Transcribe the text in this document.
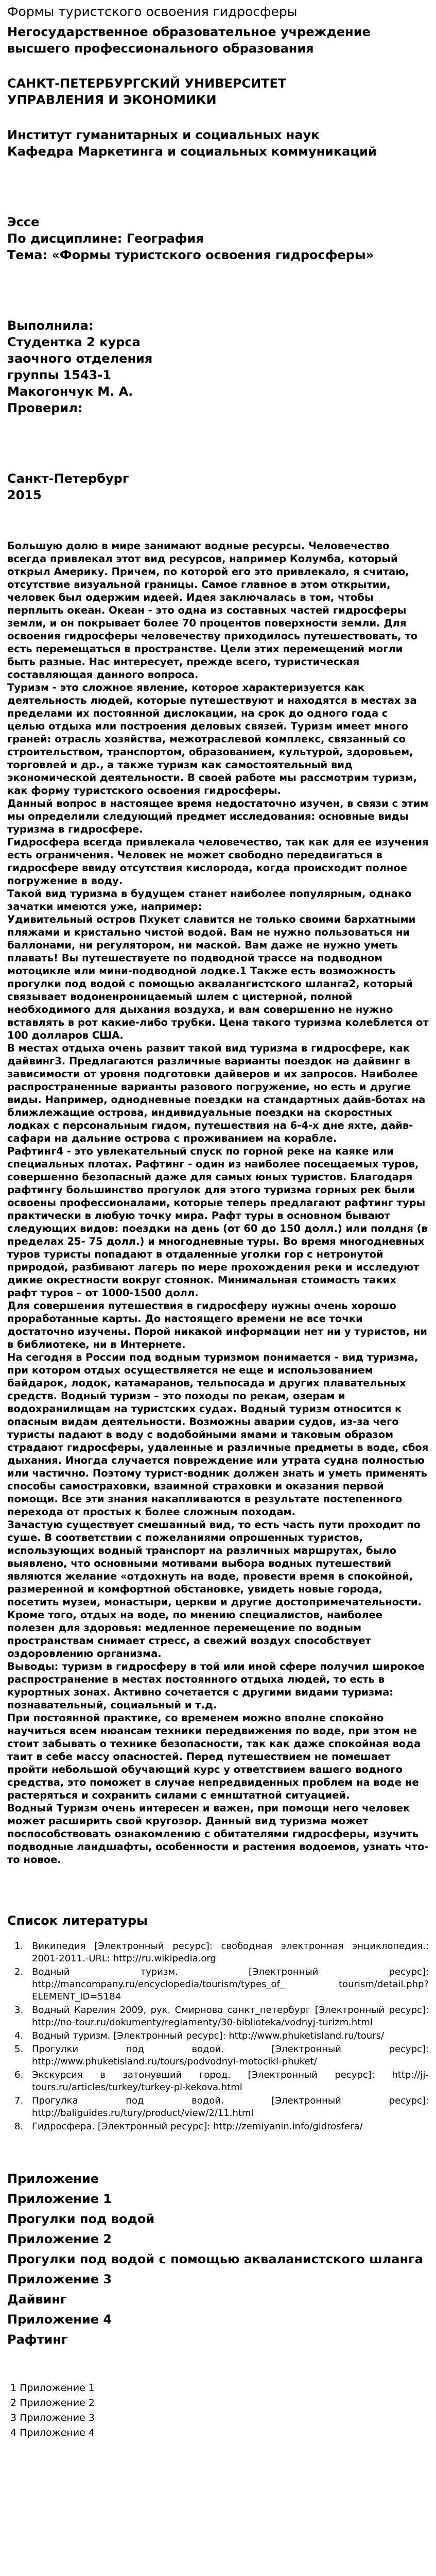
Формы туристского освоения гидросферы
Негосударственное образовательное учреждение
высшего профессионального образования
САНКТ-ПЕТЕРБУРГСКИЙ УНИВЕРСИТЕТ
УПРАВЛЕНИЯ И ЭКОНОМИКИ
Институт гуманитарных и социальных наук
Кафедра Маркетинга и социальных коммуникаций
Эссе
По дисциплине: География
Тема: «Формы туристского освоения гидросферы»
Выполнила:
Студентка 2 курса
заочного отделения
группы 1543-1
Макогончук М. А.
Проверил:
Санкт-Петербург
2015

Большую долю в мире занимают водные ресурсы. Человечество всегда привлекал этот вид ресурсов, например Колумба, который открыл Америку. Причем, по которой его это привлекало, я считаю, отсутствие визуальной границы. Самое главное в этом открытии, человек был одержим идеей. Идея заключалась в том, чтобы перплыть океан. Океан - это одна из составных частей гидросферы земли, и он покрывает более 70 процентов поверхности земли. Для освоения гидросферы человечеству приходилось путешествовать, то есть перемещаться в пространстве. Цели этих перемещений могли быть разные. Нас интересует, прежде всего, туристическая составляющая данного вопроса.

Туризм - это сложное явление, которое характеризуется как деятельность людей, которые путешествуют и находятся в местах за пределами их постоянной дислокации, на срок до одного года с целью отдыха или построения деловых связей. Туризм имеет много граней: отрасль хозяйства, межотраслевой комплекс, связанный со строительством, транспортом, образованием, культурой, здоровьем, торговлей и др., а также туризм как самостоятельный вид экономической деятельности. В своей работе мы рассмотрим туризм, как форму туристского освоения гидросферы.

Данный вопрос в настоящее время недостаточно изучен, в связи с этим мы определили следующий предмет исследования: основные виды туризма в гидросфере.

Гидросфера всегда привлекала человечество, так как для ее изучения есть ограничения. Человек не может свободно передвигаться в гидросфере ввиду отсутствия кислорода, когда происходит полное погружение в воду.

Такой вид туризма в будущем станет наиболее популярным, однако зачатки имеются уже, например:

Удивительный остров Пхукет славится не только своими бархатными пляжами и кристально чистой водой. Вам не нужно пользоваться ни баллонами, ни регулятором, ни маской. Вам даже не нужно уметь плавать! Вы путешествуете по подводной трассе на подводном мотоцикле или мини-подводной лодке.1 Также есть возможность прогулки под водой с помощью аквалангистского шлангa2, который связывает водоненроницаемый шлем с цистерной, полной необходимого для дыхания воздуха, и вам совершенно не нужно вставлять в рот какие-либо трубки. Цена такого туризма колеблется от 100 долларов США.

В местах отдыха очень развит такой вид туризма в гидросфере, как дайвинг3. Предлагаются различные варианты поездок на дайвинг в зависимости от уровня подготовки дайверов и их запросов. Наиболее распространенные варианты разового погружение, но есть и другие виды. Например, однодневные поездки на стандартных дайв-ботах на ближлежащие острова, индивидуальные поездки на скоростных лодках с персональным гидом, путешествия на 6-4-x дне яхте, дайв-сафари на дальние острова с проживанием на корабле.

Рафтинг4 - это увлекательный спуск по горной реке на каяке или специальных плотах. Рафтинг - один из наиболее посещаемых туров, совершенно безопасный даже для самых юных туристов. Благодаря рафтингу большинство прогулок для этого туризма горных рек были освоены профессионалами, которые теперь предлагают рафтинг туры практически в любую точку мира. Рафт туры в основном бывают следующих видов: поездки на день (от 60 до 150 долл.) или полдня (в пределах 25- 75 долл.) и многодневные туры. Во время многодневных туров туристы попадают в отдаленные уголки гор с нетронутой природой, разбивают лагерь по мере прохождения реки и исследуют дикие окрестности вокруг стоянок. Минимальная стоимость таких рафт туров – от 1000-1500 долл.

Для совершения путешествия в гидросферу нужны очень хорошо проработанные карты. До настоящего времени не все точки достаточно изучены. Порой никакой информации нет ни у туристов, ни в библиотеке, ни в Интернете.

На сегодня в России под водным туризмом понимается - вид туризма, при котором отдых осуществляется не еще и использованием байдарок, лодок, катамаранов, тельпосада и других плавательных средств. Водный туризм – это походы по рекам, озерам и водохранилищам на туристских судах. Водный туризм относится к опасным видам деятельности. Возможны аварии судов, из-за чего туристы падают в воду с водобойными ямами и таковым образом страдают гидросферы, удаленные и различные предметы в воде, сбоя дыхания. Иногда случается повреждение или утрата судна полностью или частично. Поэтому турист-водник должен знать и уметь применять способы самостраховки, взаимной страховки и оказания первой помощи. Все эти знания накапливаются в результате постепенного перехода от простых к более сложным походам.

Зачастую существует смешанный вид, то есть часть пути проходит по суше. В соответствии с пожеланиями опрошенных туристов, использующих водный транспорт на различных маршрутах, было выявлено, что основными мотивами выбора водных путешествий являются желание «отдохнуть на воде, провести время в спокойной, размеренной и комфортной обстановке, увидеть новые города, посетить музеи, монастыри, церкви и другие достопримечательности. Кроме того, отдых на воде, по мнению специалистов, наиболее полезен для здоровья: медленное перемещение по водным пространствам снимает стресс, а свежий воздух способствует оздоровлению организма.

Выводы: туризм в гидросферу в той или иной сфере получил широкое распространение в местах постоянного отдыха людей, то есть в курортных зонах. Активно сочетается с другими видами туризма: познавательный, социальный и т.д.

При постоянной практике, со временем можно вполне спокойно научиться всем нюансам техники передвижения по воде, при этом не стоит забывать о технике безопасности, так как даже спокойная вода таит в себе массу опасностей. Перед путешествием не помешает пройти небольшой обучающий курс у ответствием вашего водного средства, это поможет в случае непредвиденных проблем на воде не растеряться и сохранить силами с емнштатной ситуацией.

Водный Туризм очень интересен и важен, при помощи него человек может расширить свой кругозор. Данный вид туризма может поспособствовать ознакомлению с обитателями гидросферы, изучить подводные ландшафты, особенности и растения водоемов, узнать что-то новое.

Список литературы
1. Википедия [Электронный ресурс]: свободная электронная энциклопедия.: 2001-2011.-URL: http://ru.wikipedia.org
2. Водный туризм. [Электронный ресурс]: http://mancompany.ru/encyclopedia/tourism/types_of_ tourism/detail.php?ELEMENT_ID=5184
3. Водный Карелия 2009, рук. Смирнова санкт_петербург [Электронный ресурс]: http://no-tour.ru/dokumenty/reglamenty/30-biblioteka/vodnyj-turizm.html
4. Водный туризм. [Электронный ресурс]: http://www.phuketisland.ru/tours/
5. Прогулки под водой. [Электронный ресурс]: http://www.phuketisland.ru/tours/podvodnyi-motocikl-phuket/
6. Экскурсия в затонувший город. [Электронный ресурс]: http://jj-tours.ru/articles/turkey/turkey-pl-kekova.html
7. Прогулка под водой. [Электронный ресурс]: http://baliguides.ru/tury/product/view/2/11.html
8. Гидросфера. [Электронный ресурс]: http://zemiyanin.info/gidrosfera/
Приложение
Приложение 1
Прогулки под водой
Приложение 2
Прогулки под водой с помощью акваланистского шланга
Приложение 3
Дайвинг
Приложение 4
Рафтинг
1 Приложение 1
2 Приложение 2
3 Приложение 3
4 Приложение 4
